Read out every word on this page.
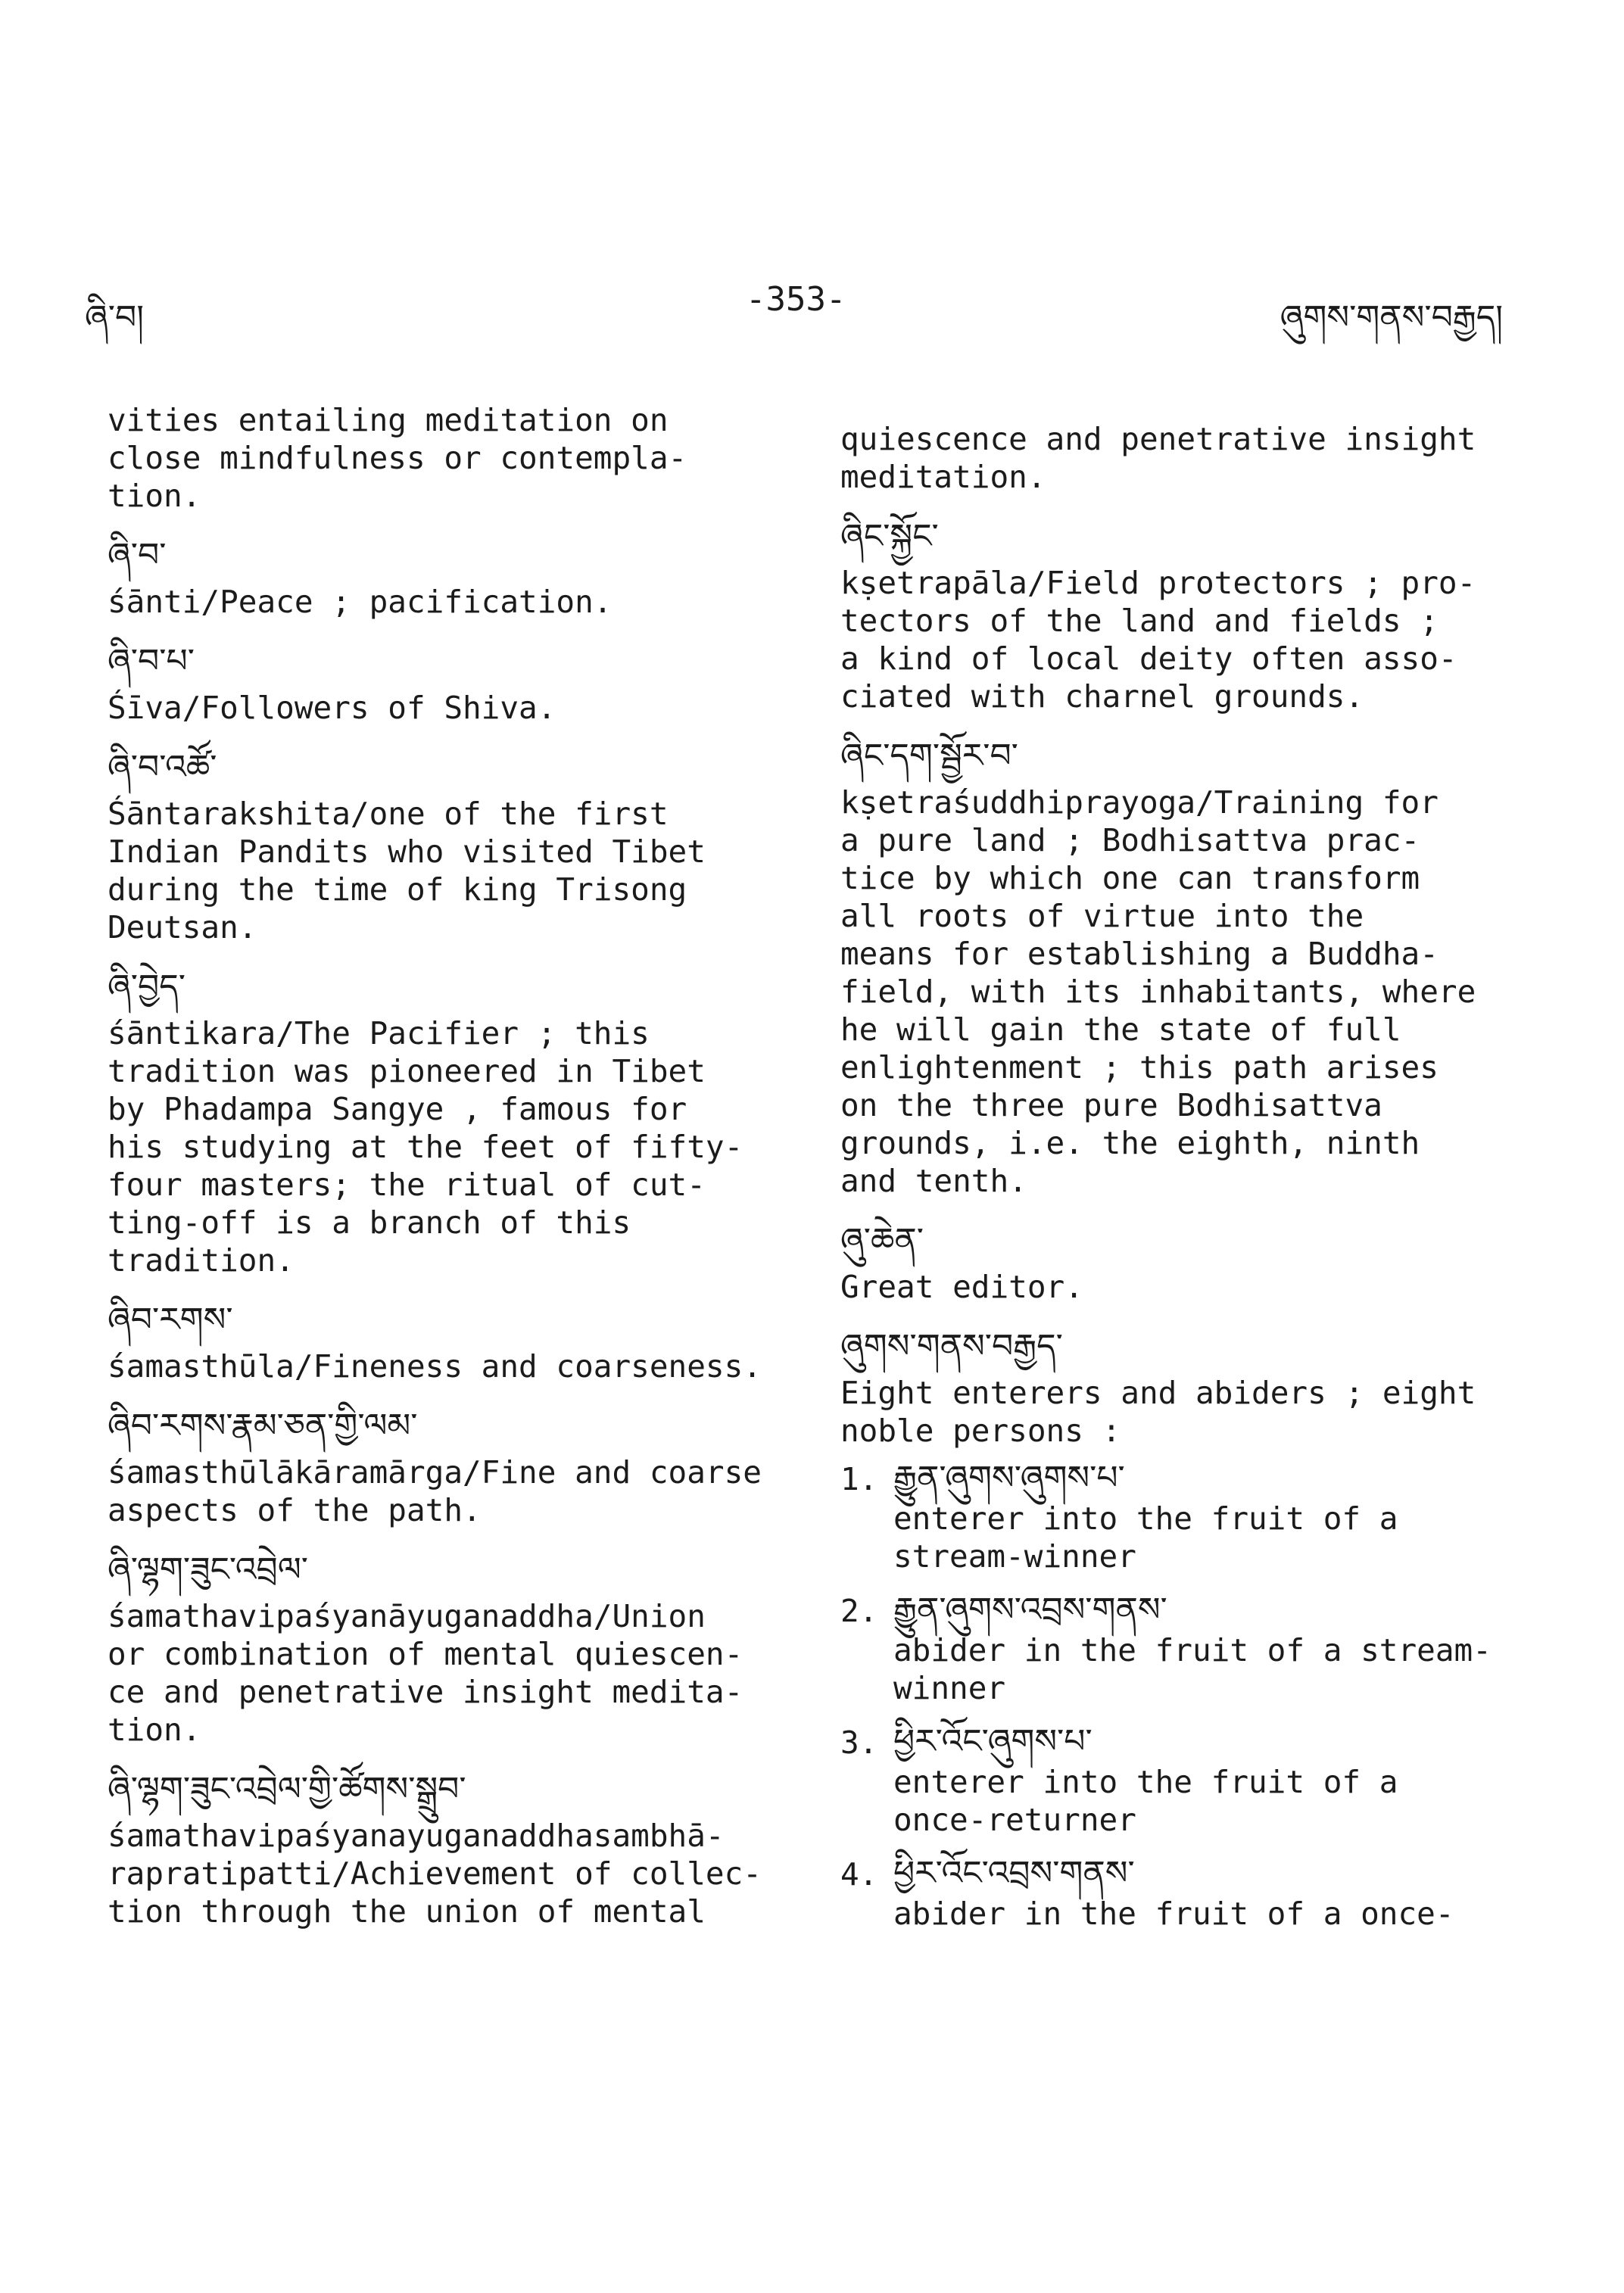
ཞི་བ།	-353-	ཞུགས་གནས་བརྒྱད།
vities entailing meditation on
close mindfulness or contempla-
tion.
ཞི་བ་
śānti/Peace ; pacification.
ཞི་བ་པ་
Śīva/Followers of Shiva.
ཞི་བ་འཚོ་
Śāntarakshita/one of the first
Indian Pandits who visited Tibet
during the time of king Trisong
Deutsan.
ཞི་བྱེད་
śāntikara/The Pacifier ; this
tradition was pioneered in Tibet
by Phadampa Sangye , famous for
his studying at the feet of fifty-
four masters; the ritual of cut-
ting-off is a branch of this
tradition.
ཞིབ་རགས་
śamasthūla/Fineness and coarseness.
ཞིབ་རགས་རྣམ་ཅན་གྱི་ལམ་
śamasthūlākāramārga/Fine and coarse
aspects of the path.
ཞི་ལྷག་ཟུང་འབྲེལ་
śamathavipaśyanāyuganaddha/Union
or combination of mental quiescen-
ce and penetrative insight medita-
tion.
ཞི་ལྷག་ཟུང་འབྲེལ་གྱི་ཚོགས་སྒྲུབ་
śamathavipaśyanayuganaddhasambhā-
rapratipatti/Achievement of collec-
tion through the union of mental
quiescence and penetrative insight
meditation.
ཞིང་སྐྱོང་
kṣetrapāla/Field protectors ; pro-
tectors of the land and fields ;
a kind of local deity often asso-
ciated with charnel grounds.
ཞིང་དག་སྦྱོར་བ་
kṣetraśuddhiprayoga/Training for
a pure land ; Bodhisattva prac-
tice by which one can transform
all roots of virtue into the
means for establishing a Buddha-
field, with its inhabitants, where
he will gain the state of full
enlightenment ; this path arises
on the three pure Bodhisattva
grounds, i.e. the eighth, ninth
and tenth.
ཞུ་ཆེན་
Great editor.
ཞུགས་གནས་བརྒྱད་
Eight enterers and abiders ; eight
noble persons :
1. རྒྱུན་ཞུགས་ཞུགས་པ་
enterer into the fruit of a
stream-winner
2. རྒྱུན་ཞུགས་འབྲས་གནས་
abider in the fruit of a stream-
winner
3. ཕྱིར་འོང་ཞུགས་པ་
enterer into the fruit of a
once-returner
4. ཕྱིར་འོང་འབྲས་གནས་
abider in the fruit of a once-
